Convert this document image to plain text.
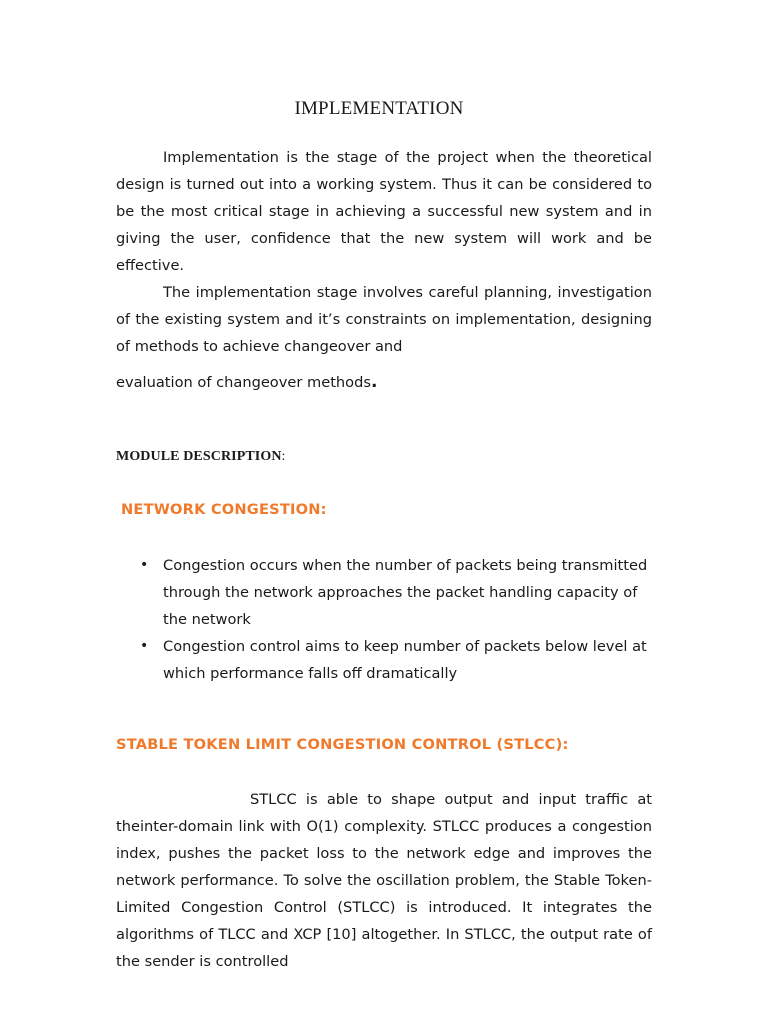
IMPLEMENTATION

Implementation is the stage of the project when the theoretical design is turned out into a working system. Thus it can be considered to be the most critical stage in achieving a successful new system and in giving the user, confidence that the new system will work and be effective.

The implementation stage involves careful planning, investigation of the existing system and it’s constraints on implementation, designing of methods to achieve changeover and

evaluation of changeover methods.
MODULE DESCRIPTION:
NETWORK CONGESTION:
• Congestion occurs when the number of packets being transmitted through the network approaches the packet handling capacity of the network
• Congestion control aims to keep number of packets below level at which performance falls off dramatically
STABLE TOKEN LIMIT CONGESTION CONTROL (STLCC):

STLCC is able to shape output and input traffic at theinter-domain link with O(1) complexity. STLCC produces a congestion index, pushes the packet loss to the network edge and improves the network performance. To solve the oscillation problem, the Stable Token-Limited Congestion Control (STLCC) is introduced. It integrates the algorithms of TLCC and XCP [10] altogether. In STLCC, the output rate of the sender is controlled
